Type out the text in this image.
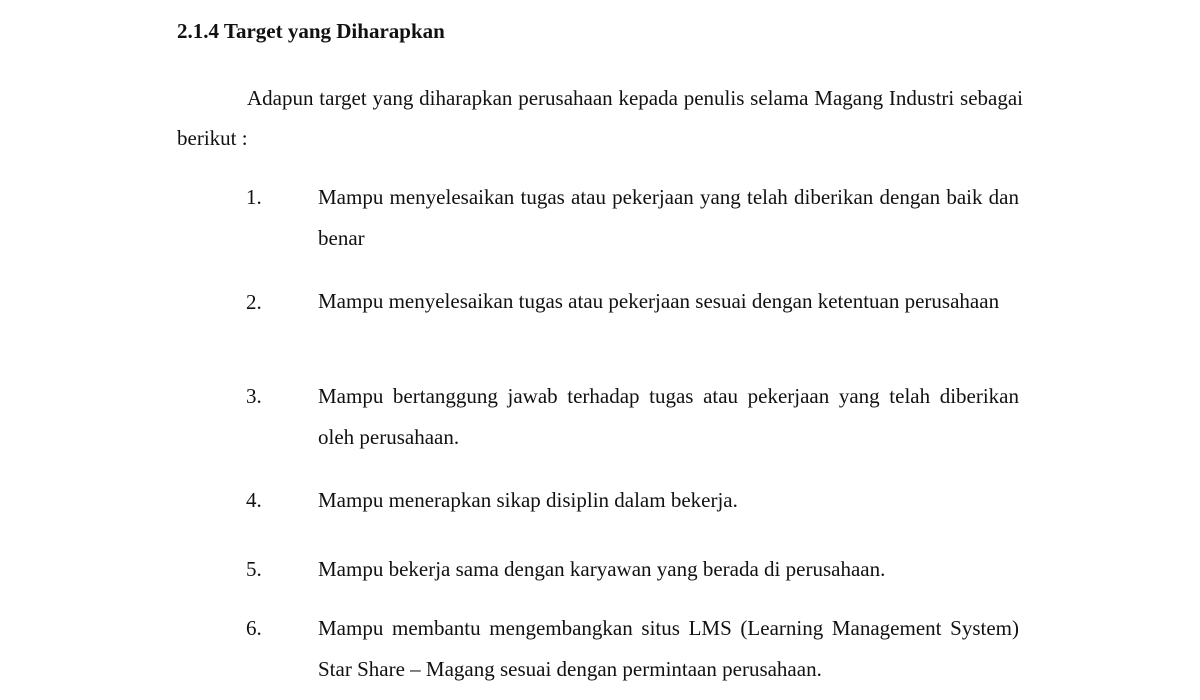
2.1.4 Target yang Diharapkan
Adapun target yang diharapkan perusahaan kepada penulis selama Magang Industri sebagai berikut :
1.	Mampu menyelesaikan tugas atau pekerjaan yang telah diberikan dengan baik dan benar
2.	Mampu menyelesaikan tugas atau pekerjaan sesuai dengan ketentuan perusahaan
3.	Mampu bertanggung jawab terhadap tugas atau pekerjaan yang telah diberikan oleh perusahaan.
4.	Mampu menerapkan sikap disiplin dalam bekerja.
5.	Mampu bekerja sama dengan karyawan yang berada di perusahaan.
6.	Mampu membantu mengembangkan situs LMS (Learning Management System) Star Share – Magang sesuai dengan permintaan perusahaan.
